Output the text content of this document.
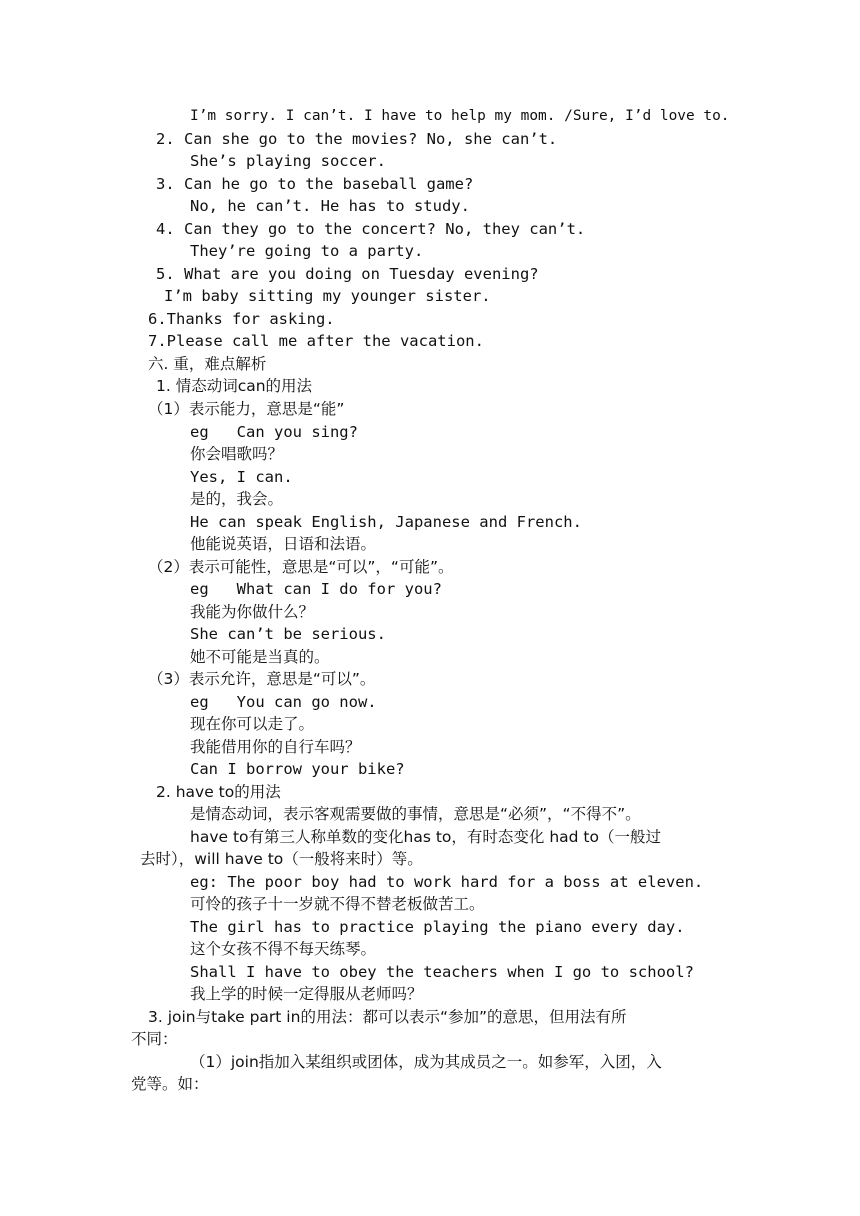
I’m sorry. I can’t. I have to help my mom. /Sure, I’d love to.
2. Can she go to the movies? No, she can’t.
She’s playing soccer.
3. Can he go to the baseball game?
No, he can’t. He has to study.
4. Can they go to the concert? No, they can’t.
They’re going to a party.
5. What are you doing on Tuesday evening?
I’m baby sitting my younger sister.
6.Thanks for asking.
7.Please call me after the vacation.
六. 重，难点解析
1. 情态动词can的用法
（1）表示能力，意思是“能”
eg   Can you sing?
你会唱歌吗？
Yes, I can.
是的，我会。
He can speak English, Japanese and French.
他能说英语，日语和法语。
（2）表示可能性，意思是“可以”，“可能”。
eg   What can I do for you?
我能为你做什么？
She can’t be serious.
她不可能是当真的。
（3）表示允许，意思是“可以”。
eg   You can go now.
现在你可以走了。
我能借用你的自行车吗？
Can I borrow your bike?
2. have to的用法
是情态动词，表示客观需要做的事情，意思是“必须”，“不得不”。
have to有第三人称单数的变化has to，有时态变化 had to（一般过
去时），will have to（一般将来时）等。
eg: The poor boy had to work hard for a boss at eleven.
可怜的孩子十一岁就不得不替老板做苦工。
The girl has to practice playing the piano every day.
这个女孩不得不每天练琴。
Shall I have to obey the teachers when I go to school?
我上学的时候一定得服从老师吗？
3. join与take part in的用法：都可以表示“参加”的意思，但用法有所
不同：
（1）join指加入某组织或团体，成为其成员之一。如参军，入团，入
党等。如：
